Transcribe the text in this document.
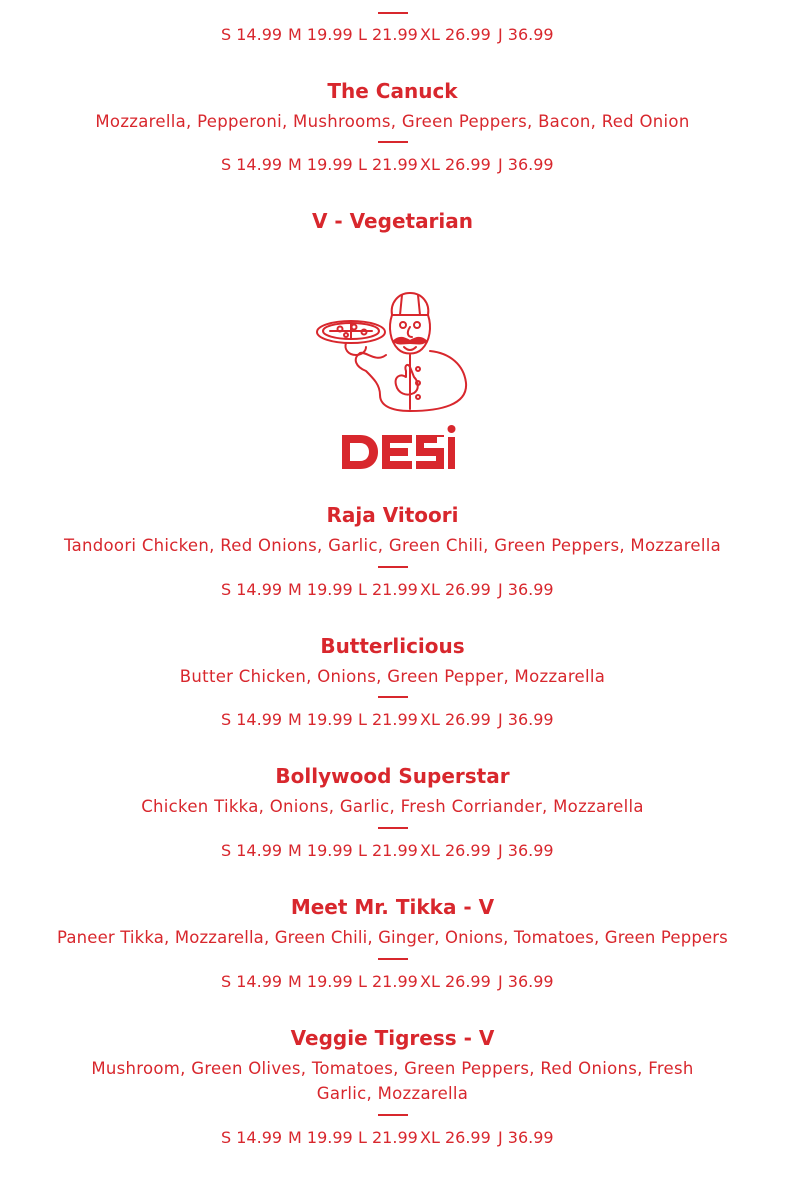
S 14.99 M 19.99 L 21.99 XL 26.99 J 36.99
The Canuck
Mozzarella, Pepperoni, Mushrooms, Green Peppers, Bacon, Red Onion
S 14.99 M 19.99 L 21.99 XL 26.99 J 36.99
V - Vegetarian
Raja Vitoori
Tandoori Chicken, Red Onions, Garlic, Green Chili, Green Peppers, Mozzarella
S 14.99 M 19.99 L 21.99 XL 26.99 J 36.99
Butterlicious
Butter Chicken, Onions, Green Pepper, Mozzarella
S 14.99 M 19.99 L 21.99 XL 26.99 J 36.99
Bollywood Superstar
Chicken Tikka, Onions, Garlic, Fresh Corriander, Mozzarella
S 14.99 M 19.99 L 21.99 XL 26.99 J 36.99
Meet Mr. Tikka - V
Paneer Tikka, Mozzarella, Green Chili, Ginger, Onions, Tomatoes, Green Peppers
S 14.99 M 19.99 L 21.99 XL 26.99 J 36.99
Veggie Tigress - V
Mushroom, Green Olives, Tomatoes, Green Peppers, Red Onions, Fresh Garlic, Mozzarella
S 14.99 M 19.99 L 21.99 XL 26.99 J 36.99
